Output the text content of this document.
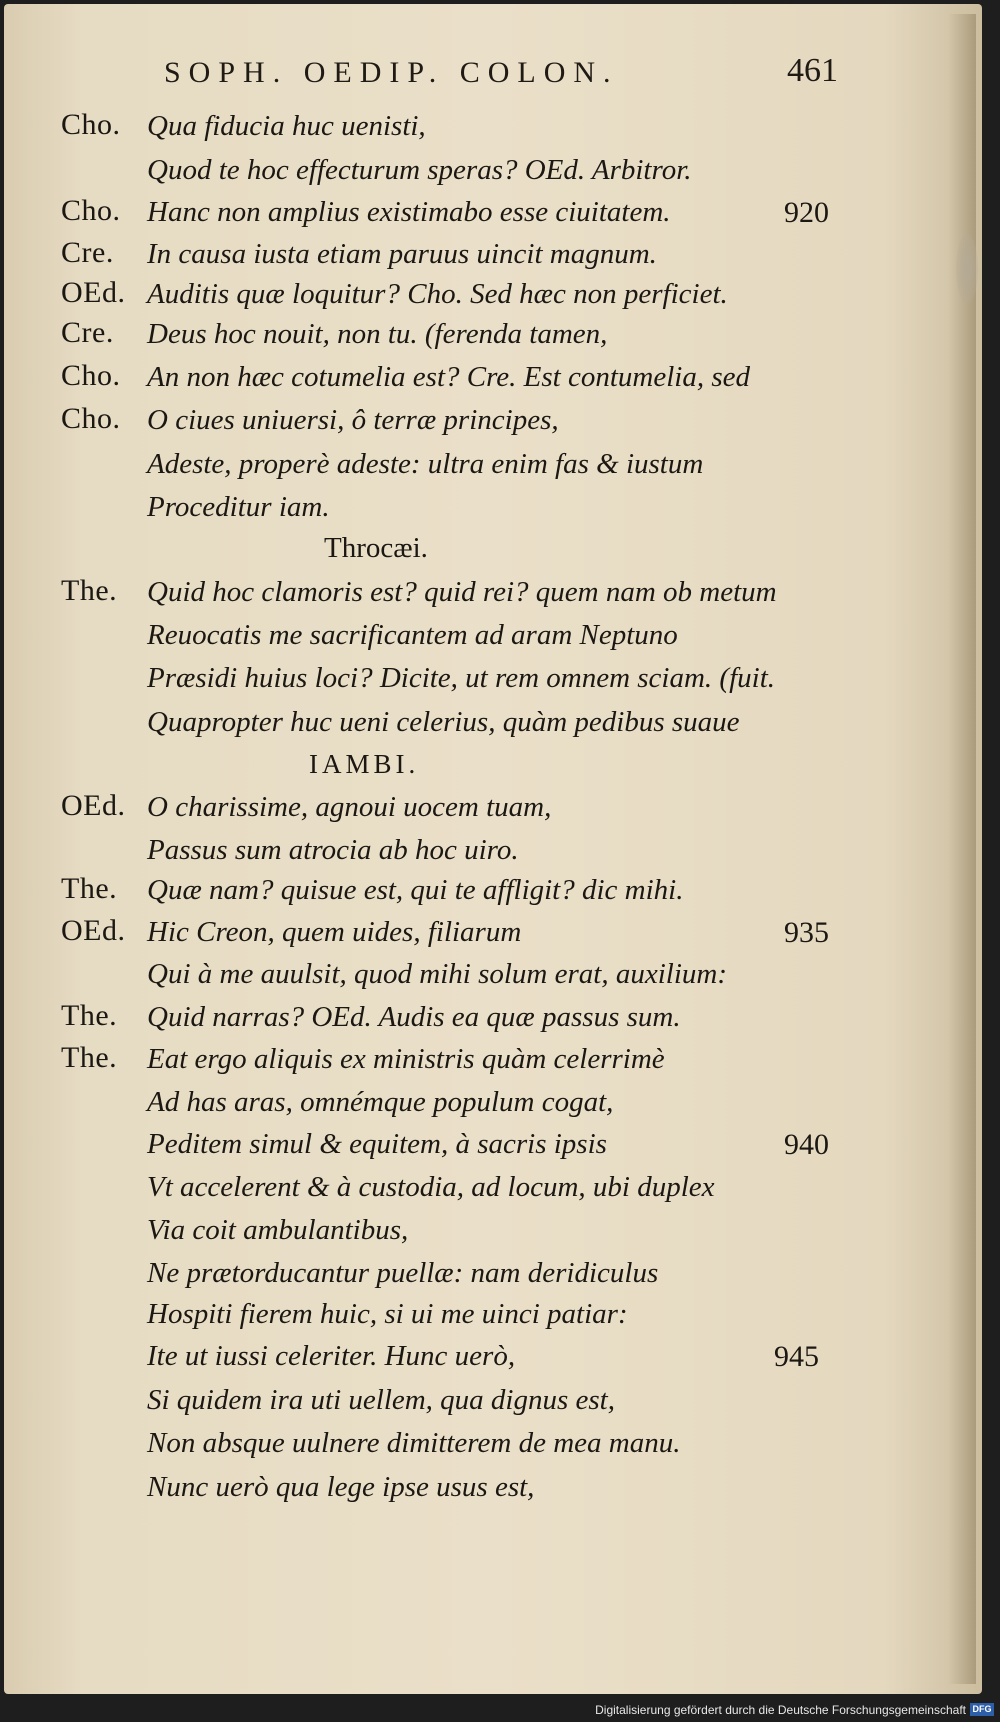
SOPH. OEDIP. COLON.	461
Cho. Qua fiducia huc uenisti,
Quod te hoc effecturum speras? OEd. Arbitror.
Cho. Hanc non amplius existimabo esse ciuitatem.	920
Cre. In causa iusta etiam paruus uincit magnum.
OEd. Auditis quæ loquitur? Cho. Sed hæc non perficiet.
Cre. Deus hoc nouit, non tu. (ferenda tamen,
Cho. An non hæc cotumelia est? Cre. Est contumelia, sed
Cho. O ciues uniuersi, ô terræ principes,
Adeste, properè adeste: ultra enim fas & iustum
Proceditur iam.
Throcæi.
The. Quid hoc clamoris est? quid rei? quem nam ob metum
Reuocatis me sacrificantem ad aram Neptuno
Præsidi huius loci? Dicite, ut rem omnem sciam. (fuit.
Quapropter huc ueni celerius, quàm pedibus suaue
IAMBI.
OEd. O charissime, agnoui uocem tuam,
Passus sum atrocia ab hoc uiro.
The. Quæ nam? quisue est, qui te affligit? dic mihi.
OEd. Hic Creon, quem uides, filiarum	935
Qui à me auulsit, quod mihi solum erat, auxilium:
The. Quid narras? OEd. Audis ea quæ passus sum.
The. Eat ergo aliquis ex ministris quàm celerrimè
Ad has aras, omnémque populum cogat,
Peditem simul & equitem, à sacris ipsis	940
Vt accelerent & à custodia, ad locum, ubi duplex
Via coit ambulantibus,
Ne prætorducantur puellæ: nam deridiculus
Hospiti fierem huic, si ui me uinci patiar:
Ite ut iussi celeriter. Hunc uerò,	945
Si quidem ira uti uellem, qua dignus est,
Non absque uulnere dimitterem de mea manu.
Nunc uerò qua lege ipse usus est,
Digitalisierung gefördert durch die Deutsche Forschungsgemeinschaft DFG
